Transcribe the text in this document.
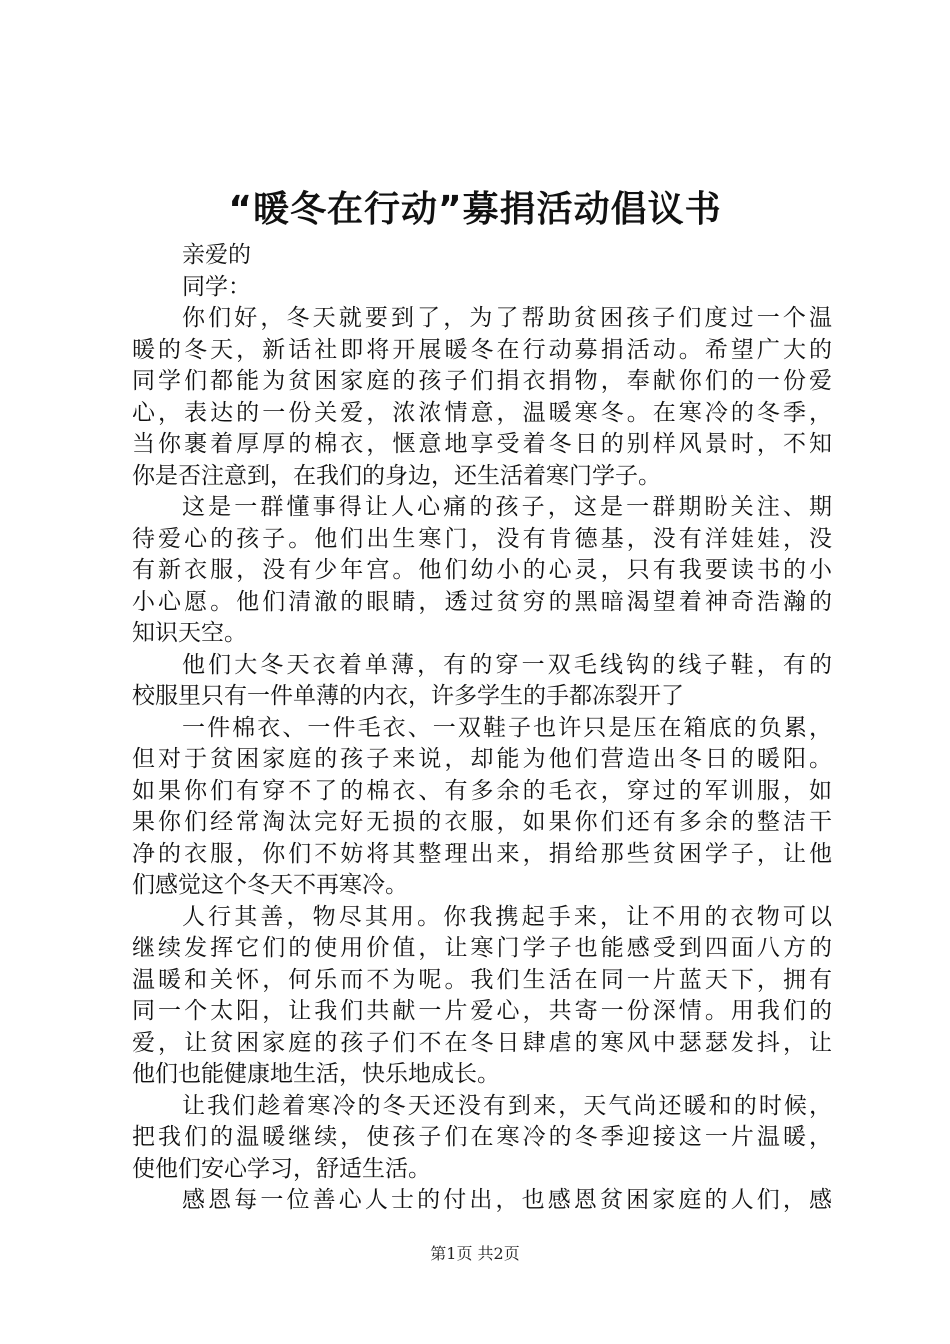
“暖冬在行动”募捐活动倡议书
亲爱的
同学：
你们好，冬天就要到了，为了帮助贫困孩子们度过一个温
暖的冬天，新话社即将开展暖冬在行动募捐活动。希望广大的
同学们都能为贫困家庭的孩子们捐衣捐物，奉献你们的一份爱
心，表达的一份关爱，浓浓情意，温暖寒冬。在寒冷的冬季，
当你裹着厚厚的棉衣，惬意地享受着冬日的别样风景时，不知
你是否注意到，在我们的身边，还生活着寒门学子。
这是一群懂事得让人心痛的孩子，这是一群期盼关注、期
待爱心的孩子。他们出生寒门，没有肯德基，没有洋娃娃，没
有新衣服，没有少年宫。他们幼小的心灵，只有我要读书的小
小心愿。他们清澈的眼睛，透过贫穷的黑暗渴望着神奇浩瀚的
知识天空。
他们大冬天衣着单薄，有的穿一双毛线钩的线子鞋，有的
校服里只有一件单薄的内衣，许多学生的手都冻裂开了
一件棉衣、一件毛衣、一双鞋子也许只是压在箱底的负累，
但对于贫困家庭的孩子来说，却能为他们营造出冬日的暖阳。
如果你们有穿不了的棉衣、有多余的毛衣，穿过的军训服，如
果你们经常淘汰完好无损的衣服，如果你们还有多余的整洁干
净的衣服，你们不妨将其整理出来，捐给那些贫困学子，让他
们感觉这个冬天不再寒冷。
人行其善，物尽其用。你我携起手来，让不用的衣物可以
继续发挥它们的使用价值，让寒门学子也能感受到四面八方的
温暖和关怀，何乐而不为呢。我们生活在同一片蓝天下，拥有
同一个太阳，让我们共献一片爱心，共寄一份深情。用我们的
爱，让贫困家庭的孩子们不在冬日肆虐的寒风中瑟瑟发抖，让
他们也能健康地生活，快乐地成长。
让我们趁着寒冷的冬天还没有到来，天气尚还暖和的时候，
把我们的温暖继续，使孩子们在寒冷的冬季迎接这一片温暖，
使他们安心学习，舒适生活。
感恩每一位善心人士的付出，也感恩贫困家庭的人们，感
第1页 共2页
